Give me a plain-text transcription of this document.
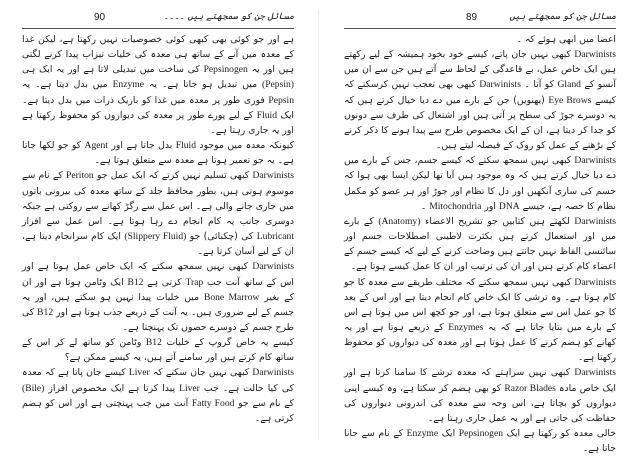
90	مسائل جن کو سمجھتے ہیں ۔۔۔۔

ہے اور جو کوئی بھی کبھی کوئی خصوصیات نہیں رکھتا ہے، لیکن غذا کے معدہ میں آنے کے ساتھ ہی معدہ کی خلیات تیزاب پیدا کرنے لگتی ہیں اور یہ Pepsinogen کی ساخت میں تبدیلی لاتا ہے اور یہ ایک ہی (Pepsin) میں تبدیل ہو جاتا ہے۔ یہ Enzyme میں بدل دیتا ہے۔ یہ Pepsin فوری طور پر معدہ میں غذا کو باریک ذرات میں بدل دیتا ہے۔ ایک Fluid کے لیے پورے طور پر معدہ کی دیواروں کو محفوظ رکھتا ہے اور یہ جاری رہتا ہے۔

کیونکہ معدہ میں موجود Fluid بدل جاتا ہے اور Agent کو جو لکھا جاتا ہے۔ یہ جو تعمیر ہوتا ہے معدہ سے متعلق ہوتا ہے۔

Darwinists کبھی تسلیم نہیں کرتے کہ ایک عمل جو Periton کے نام سے موسوم ہوتی ہیں، بطور محافظ جلد کے ساتھ معدہ کی بیرونی باتوں میں جاری جانے والی ہے۔ اس عمل سے رگڑ کھانے سے روکتی ہے جبکہ دوسری جانب یہ کام انجام دے رہا ہوتا ہے۔ اس عمل سے افراز Lubricant کی (چکنائی) جو (Slippery Fluid) ایک کام سرانجام دیتا ہے، ان کے لیے آسان کرتا ہے۔

Darwinists کبھی نہیں سمجھ سکتے کہ ایک خاص عمل ہوتا ہے اور اس کے ساتھ آنت جب Trap کرتی ہے B12 ایک وٹامن ہوتا ہے اور ان کے بغیر Bone Marrow میں خلیات پیدا نہیں ہو سکتے ہیں، اور یہ جسم کے لیے ضروری ہیں۔ یہ آنت کے ذریعے جذب ہوتا ہے اور B12 کی طرح جسم کے دوسرے حصوں تک پہنچتا ہے۔

کیسے یہ خاص گروپ کے خلیات B12 وٹامن کو ساتھ لے کر اس کے ساتھ کام کرتے ہیں اور سامنے آتے ہیں، یہ کیسے ممکن ہے؟

Darwinists کبھی نہیں جان سکتے کہ Liver کیسے جان پاتا ہے کہ معدہ کی کیا حالت ہے۔ جب Liver پیدا کرتا ہے ایک مخصوص افراز (Bile) کے نام سے جو Fatty Food آنت میں جب پہنچتی ہے اور اس کو ہضم کرتی ہے۔

89	مسائل جن کو سمجھتے ہیں

اعضا میں ابھی ہوئے کہ ۔

Darwinists کبھی نہیں جان پاتے، کیسے خود بخود ہمیشہ کے لیے رکھتے ہیں ایک خاص عمل، بے قاعدگی کے لحاظ سے آتے ہیں جن سے ان میں آنسو کے Gland کو آتا ۔ Darwinists کبھی بھی تعجب نہیں کرسکتے کہ کیسے Eye Brows (بھنویں) جن کے بارے میں دے دیا خیال کرتے ہیں کہ یہ دوسرے جوڑ کی سطح پر آتی ہیں اور اشتعال کی طرف سے دونوں کو جدا کر دیتا ہے، ان کے ایک مخصوص طرح سے پیدا ہونے کا ذکر کرنے کے بڑھنے کے عمل کو روک کے فیصلہ لیتے ہیں۔

Darwinists کبھی نہیں سمجھ سکتے کہ کیسے جسم، جس کے بارے میں دے دیا خیال کرتے ہیں کہ وہ موجود ہیں آیا تھا لیکن ایسا بھی ہوا کہ جسم کی ساری آنکھیں اور دل کا نظام اور جوڑ اور ہر عضو کو مکمل نظام کا حصہ ہے، جیسے DNA اور Mitochondria ۔

Darwinists لکھتے ہیں کتابیں جو تشریح الاعضاء (Anatomy) کے بارے میں اور استعمال کرتے ہیں بکثرت لاطینی اصطلاحات جسم اور سائنسی الفاظ نہیں جانتے ہیں وضاحت کرنے کے لیے کہ کیسے جسم کے اعضاء کام کرتے ہیں اور ان کی ترتیب اور ان کا عمل کیسے ہوتا ہے۔

Darwinists کبھی نہیں سمجھ سکتے کہ مختلف طریقے سے معدہ کا جو کام ہوتا ہے۔ وہ ترشی کا ایک خاص کام انجام دیتا ہے اور اس کے بعد کا جو عمل اس سے متعلق ہوتا ہے، اور جو کچھ اس میں ہوتا ہے اس کے بارے میں بتایا جاتا ہے کہ یہ Enzymes کے ذریعے ہوتا ہے اور یہ کھانے کو ہضم کرنے کا عمل ہوتا ہے اور معدہ کی دیواروں کو محفوظ رکھتا ہے۔

Darwinists کبھی نہیں سراہتے کہ معدہ ترشے کا سامنا کرتا ہے اور ایک خاص مادہ Razor Blades کو بھی ہضم کر سکتا ہے، وہ کیسے اپنی دیواروں کو بچاتا ہے، اس وجہ سے معدہ کی اندرونی دیواروں کی حفاظت کی جاتی ہے اور یہ عمل جاری رہتا ہے۔

خالی معدہ کو رکھتا ہے ایک Pepsinogen ایک Enzyme کے نام سے جانا جاتا ہے۔
